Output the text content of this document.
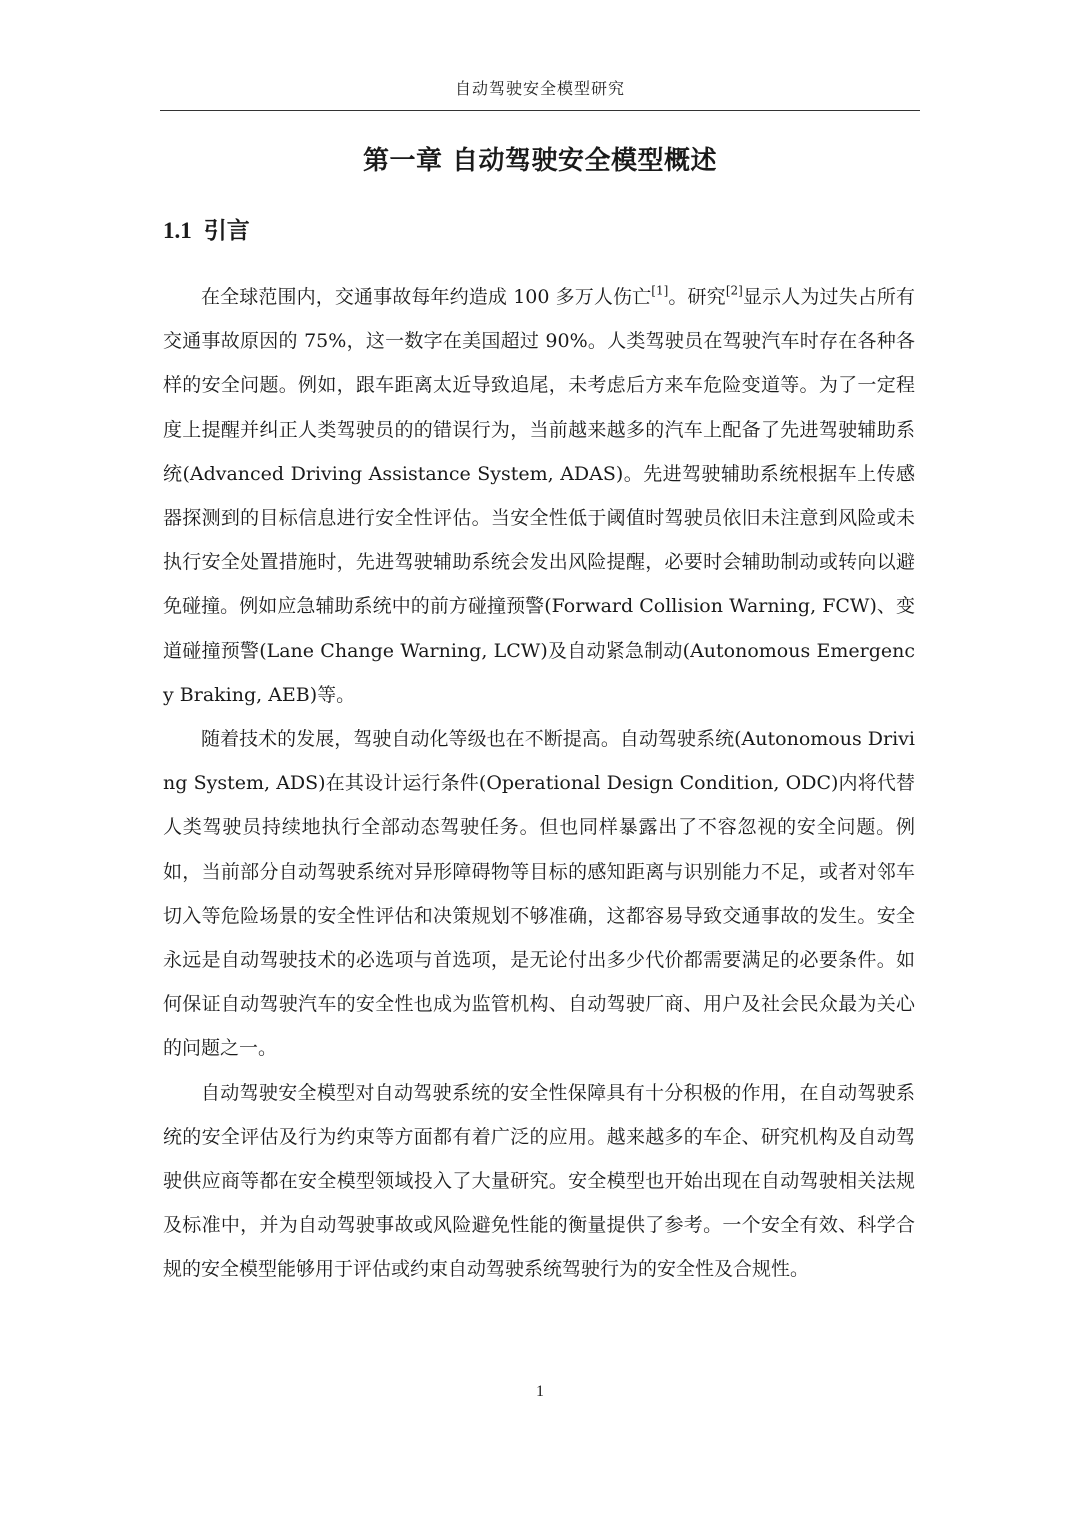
自动驾驶安全模型研究
第一章 自动驾驶安全模型概述
1.1 引言

在全球范围内，交通事故每年约造成 100 多万人伤亡[1]。研究[2]显示人为过失占所有交通事故原因的 75%，这一数字在美国超过 90%。人类驾驶员在驾驶汽车时存在各种各样的安全问题。例如，跟车距离太近导致追尾，未考虑后方来车危险变道等。为了一定程度上提醒并纠正人类驾驶员的的错误行为，当前越来越多的汽车上配备了先进驾驶辅助系统(Advanced Driving Assistance System, ADAS)。先进驾驶辅助系统根据车上传感器探测到的目标信息进行安全性评估。当安全性低于阈值时驾驶员依旧未注意到风险或未执行安全处置措施时，先进驾驶辅助系统会发出风险提醒，必要时会辅助制动或转向以避免碰撞。例如应急辅助系统中的前方碰撞预警(Forward Collision Warning, FCW)、变道碰撞预警(Lane Change Warning, LCW)及自动紧急制动(Autonomous Emergency Braking, AEB)等。

随着技术的发展，驾驶自动化等级也在不断提高。自动驾驶系统(Autonomous Driving System, ADS)在其设计运行条件(Operational Design Condition, ODC)内将代替人类驾驶员持续地执行全部动态驾驶任务。但也同样暴露出了不容忽视的安全问题。例如，当前部分自动驾驶系统对异形障碍物等目标的感知距离与识别能力不足，或者对邻车切入等危险场景的安全性评估和决策规划不够准确，这都容易导致交通事故的发生。安全永远是自动驾驶技术的必选项与首选项，是无论付出多少代价都需要满足的必要条件。如何保证自动驾驶汽车的安全性也成为监管机构、自动驾驶厂商、用户及社会民众最为关心的问题之一。

自动驾驶安全模型对自动驾驶系统的安全性保障具有十分积极的作用，在自动驾驶系统的安全评估及行为约束等方面都有着广泛的应用。越来越多的车企、研究机构及自动驾驶供应商等都在安全模型领域投入了大量研究。安全模型也开始出现在自动驾驶相关法规及标准中，并为自动驾驶事故或风险避免性能的衡量提供了参考。一个安全有效、科学合规的安全模型能够用于评估或约束自动驾驶系统驾驶行为的安全性及合规性。

1
